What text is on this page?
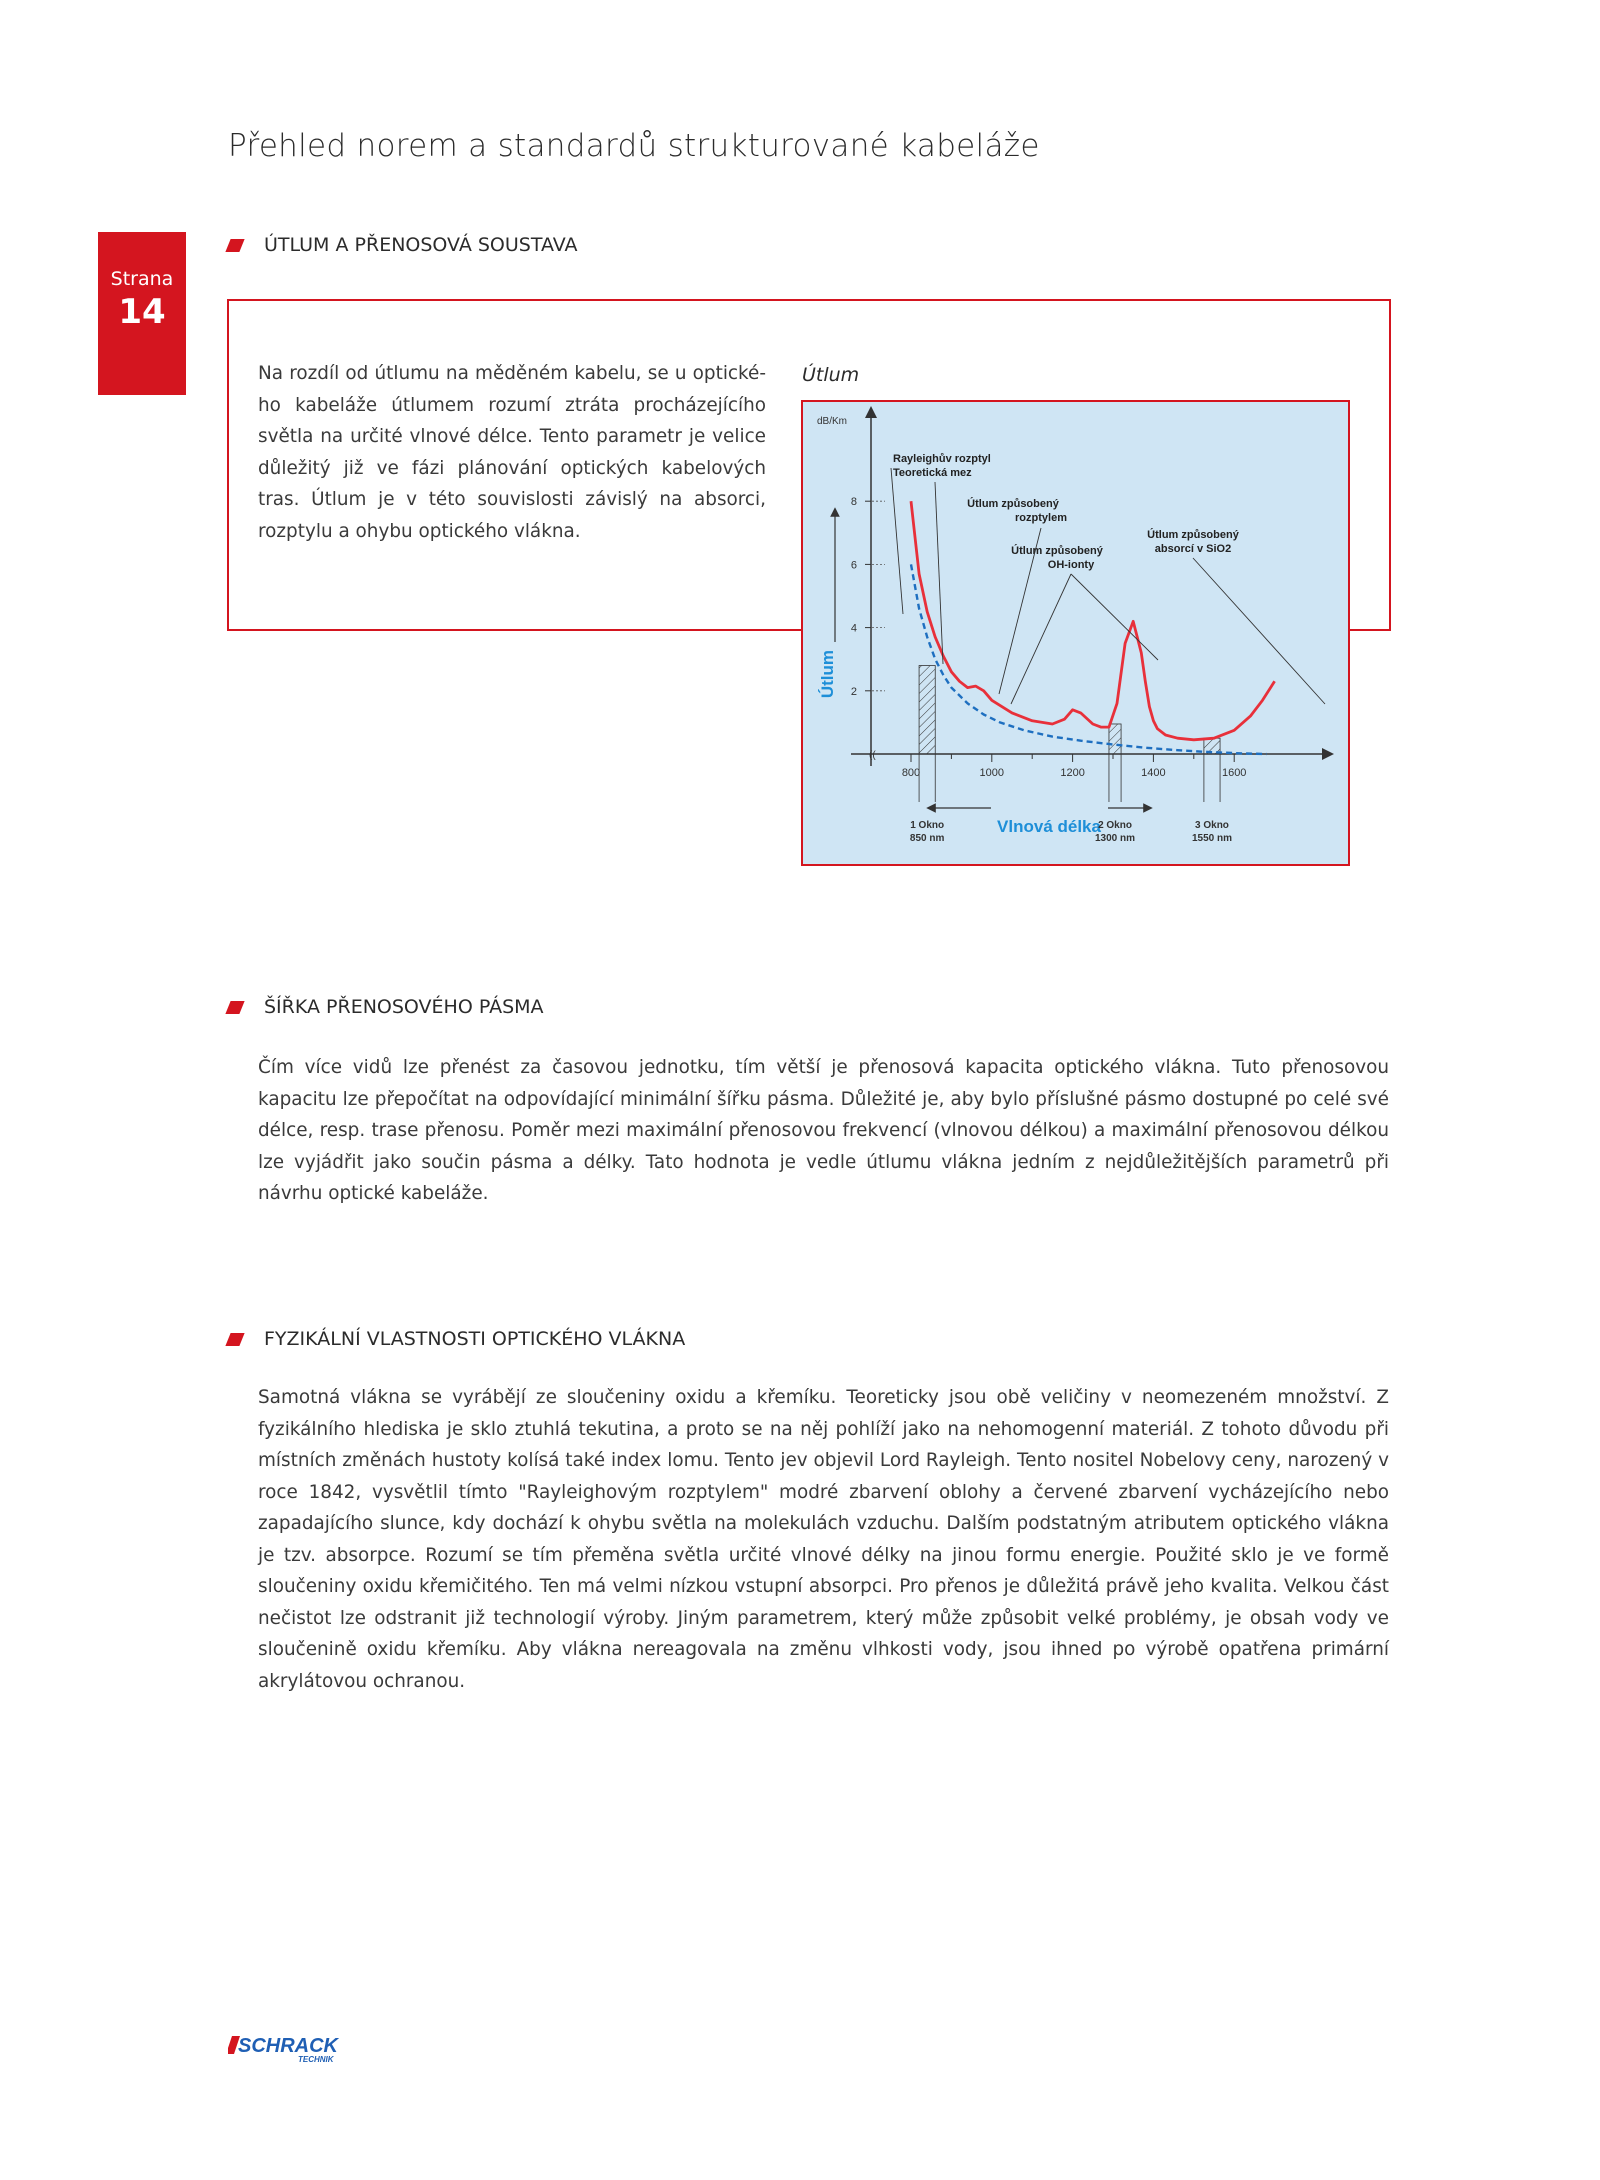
Přehled norem a standardů strukturované kabeláže
Strana
14
ÚTLUM A PŘENOSOVÁ SOUSTAVA

Na rozdíl od útlumu na měděném kabelu, se u optické-ho kabeláže útlumem rozumí ztráta procházejícího světla na určité vlnové délce. Tento parametr je velice důležitý již ve fázi plánování optických kabelových tras. Útlum je v této souvislosti závislý na absorci, rozptylu a ohybu optického vlákna.

Útlum
dB/Km
Útlum 2
4
6
8
((
800	1000	1200	1400	1600
Vlnová délka
1 Okno
850 nm
2 Okno
1300 nm
3 Okno
1550 nm
Rayleighův rozptyl
Teoretická mez
Útlum způsobený
rozptylem
Útlum způsobený
OH-ionty
Útlum způsobený
absorcí v SiO2
ŠÍŘKA PŘENOSOVÉHO PÁSMA

Čím více vidů lze přenést za časovou jednotku, tím větší je přenosová kapacita optického vlákna. Tuto přenosovou kapacitu lze přepočítat na odpovídající minimální šířku pásma. Důležité je, aby bylo příslušné pásmo dostupné po celé své délce, resp. trase přenosu. Poměr mezi maximální přenosovou frekvencí (vlnovou délkou) a maximální přenosovou délkou lze vyjádřit jako součin pásma a délky. Tato hodnota je vedle útlumu vlákna jedním z nejdůležitějších parametrů při návrhu optické kabeláže.

FYZIKÁLNÍ VLASTNOSTI OPTICKÉHO VLÁKNA

Samotná vlákna se vyrábějí ze sloučeniny oxidu a křemíku. Teoreticky jsou obě veličiny v neomezeném množství. Z fyzikálního hlediska je sklo ztuhlá tekutina, a proto se na něj pohlíží jako na nehomogenní materiál. Z tohoto důvodu při místních změnách hustoty kolísá také index lomu. Tento jev objevil Lord Rayleigh. Tento nositel Nobelovy ceny, narozený v roce 1842, vysvětlil tímto "Rayleighovým rozptylem" modré zbarvení oblohy a červené zbarvení vycházejícího nebo zapadajícího slunce, kdy dochází k ohybu světla na molekulách vzduchu. Dalším podstatným atributem optického vlákna je tzv. absorpce. Rozumí se tím přeměna světla určité vlnové délky na jinou formu energie. Použité sklo je ve formě sloučeniny oxidu křemičitého. Ten má velmi nízkou vstupní absorpci. Pro přenos je důležitá právě jeho kvalita. Velkou část nečistot lze odstranit již technologií výroby. Jiným parametrem, který může způsobit velké problémy, je obsah vody ve sloučenině oxidu křemíku. Aby vlákna nereagovala na změnu vlhkosti vody, jsou ihned po výrobě opatřena primární akrylátovou ochranou.

SCHRACK
TECHNIK
